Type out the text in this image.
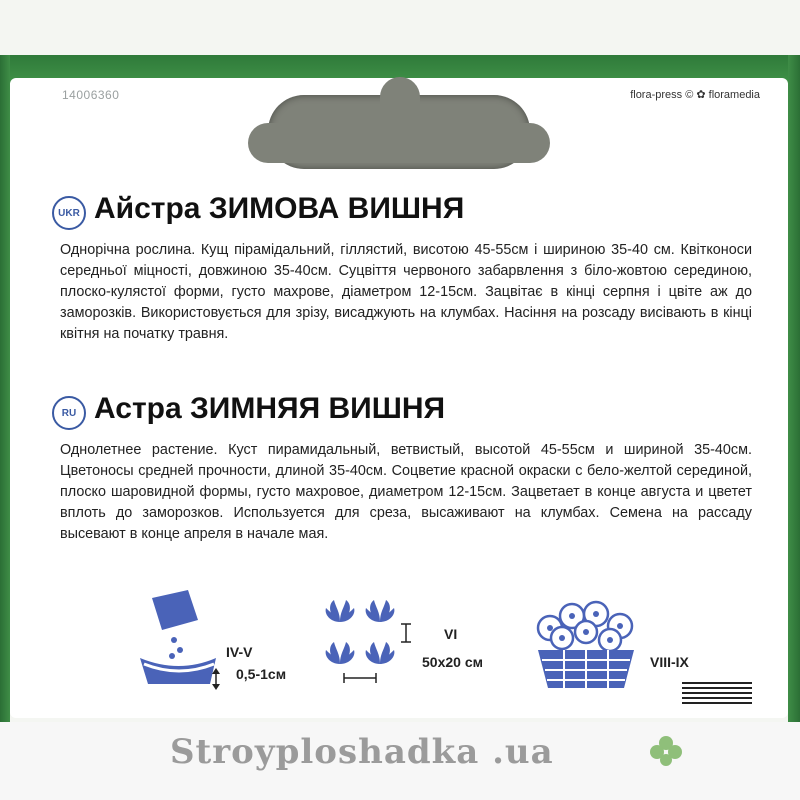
14006360	flora-press © ✿ floramedia
UKR Айстра ЗИМОВА ВИШНЯ
Однорічна рослина. Кущ пірамідальний, гіллястий, висотою 45-55см і шириною 35-40 см. Квітконоси середньої міцності, довжиною 35-40см. Суцвіття червоного забарвлення з біло-жовтою серединою, плоско-кулястої форми, густо махрове, діаметром 12-15см. Зацвітає в кінці серпня і цвіте аж до заморозків. Використовується для зрізу, висаджують на клумбах. Насіння на розсаду висівають в кінці квітня на початку травня.
RU Астра ЗИМНЯЯ ВИШНЯ
Однолетнее растение. Куст пирамидальный, ветвистый, высотой 45-55см и шириной 35-40см. Цветоносы средней прочности, длиной 35-40см. Соцветие красной окраски с бело-желтой серединой, плоско шаровидной формы, густо махровое, диаметром 12-15см. Зацветает в конце августа и цветет вплоть до заморозков. Используется для среза, высаживают на клумбах. Семена на рассаду высевают в конце апреля в начале мая.
IV-V
0,5-1см
VI
50x20 см	VIII-IX
Stroyploshadka .ua
